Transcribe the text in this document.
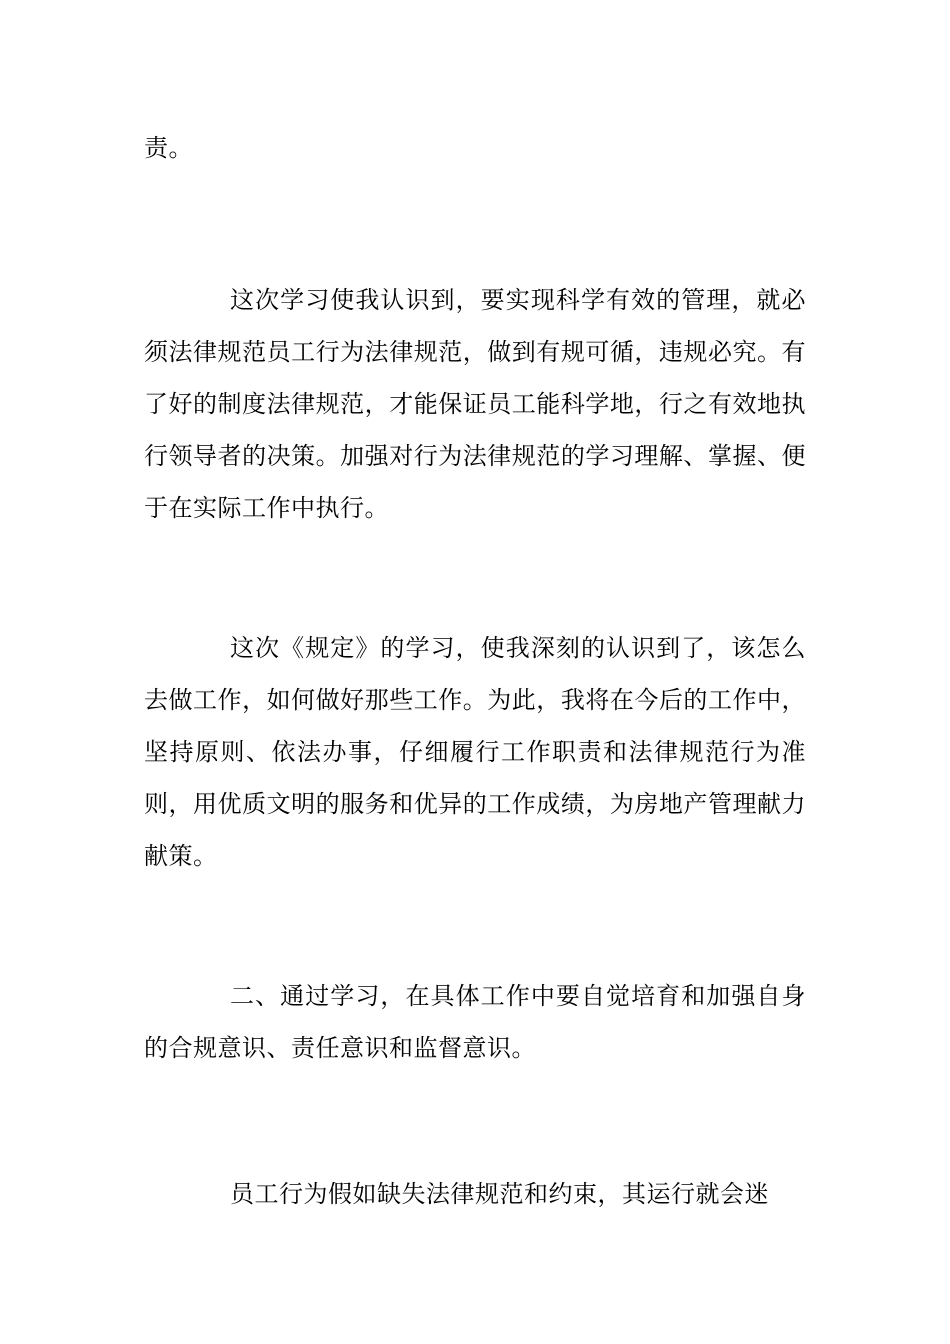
责。

这次学习使我认识到，要实现科学有效的管理，就必须法律规范员工行为法律规范，做到有规可循，违规必究。有了好的制度法律规范，才能保证员工能科学地，行之有效地执行领导者的决策。加强对行为法律规范的学习理解、掌握、便于在实际工作中执行。

这次《规定》的学习，使我深刻的认识到了，该怎么去做工作，如何做好那些工作。为此，我将在今后的工作中，坚持原则、依法办事，仔细履行工作职责和法律规范行为准则，用优质文明的服务和优异的工作成绩，为房地产管理献力献策。

二、通过学习，在具体工作中要自觉培育和加强自身的合规意识、责任意识和监督意识。

员工行为假如缺失法律规范和约束，其运行就会迷
